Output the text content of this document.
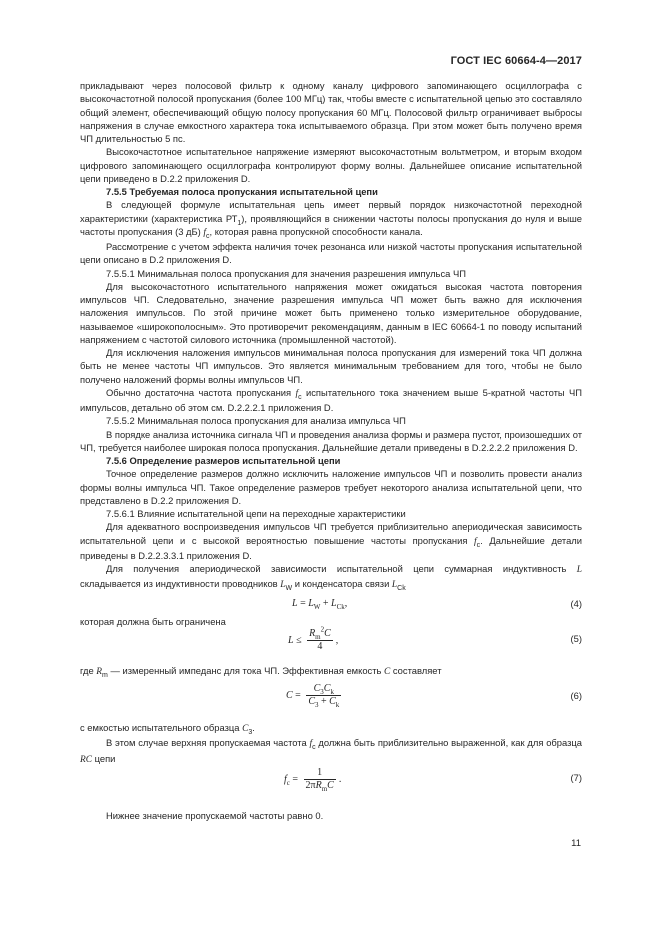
ГОСТ IEC 60664-4—2017

прикладывают через полосовой фильтр к одному каналу цифрового запоминающего осциллографа с высокочастотной полосой пропускания (более 100 МГц) так, чтобы вместе с испытательной цепью это составляло общий элемент, обеспечивающий общую полосу пропускания 60 МГц. Полосовой фильтр ограничивает выбросы напряжения в случае емкостного характера тока испытываемого образца. При этом может быть получено время ЧП длительностью 5 пс.

Высокочастотное испытательное напряжение измеряют высокочастотным вольтметром, и вторым входом цифрового запоминающего осциллографа контролируют форму волны. Дальнейшее описание испытательной цепи приведено в D.2.2 приложения D.

7.5.5 Требуемая полоса пропускания испытательной цепи

В следующей формуле испытательная цепь имеет первый порядок низкочастотной переходной характеристики (характеристика $РТ_1$), проявляющийся в снижении частоты полосы пропускания до нуля и выше частоты пропускания (3 дБ) $f_c$, которая равна пропускной способности канала.

Рассмотрение с учетом эффекта наличия точек резонанса или низкой частоты пропускания испытательной цепи описано в D.2 приложения D.

7.5.5.1 Минимальная полоса пропускания для значения разрешения импульса ЧП

Для высокочастотного испытательного напряжения может ожидаться высокая частота повторения импульсов ЧП. Следовательно, значение разрешения импульса ЧП может быть важно для исключения наложения импульсов. По этой причине может быть применено только измерительное оборудование, называемое «широкополосным». Это противоречит рекомендациям, данным в IEC 60664-1 по поводу испытаний напряжением с частотой силового источника (промышленной частотой).

Для исключения наложения импульсов минимальная полоса пропускания для измерений тока ЧП должна быть не менее частоты ЧП импульсов. Это является минимальным требованием для того, чтобы не было получено наложений формы волны импульсов ЧП.

Обычно достаточна частота пропускания $f_c$ испытательного тока значением выше 5-кратной частоты ЧП импульсов, детально об этом см. D.2.2.2.1 приложения D.

7.5.5.2 Минимальная полоса пропускания для анализа импульса ЧП

В порядке анализа источника сигнала ЧП и проведения анализа формы и размера пустот, произошедших от ЧП, требуется наиболее широкая полоса пропускания. Дальнейшие детали приведены в D.2.2.2.2 приложения D.

7.5.6 Определение размеров испытательной цепи

Точное определение размеров должно исключить наложение импульсов ЧП и позволить провести анализ формы волны импульса ЧП. Такое определение размеров требует некоторого анализа испытательной цепи, что представлено в D.2.2 приложения D.

7.5.6.1 Влияние испытательной цепи на переходные характеристики

Для адекватного воспроизведения импульсов ЧП требуется приблизительно апериодическая зависимость испытательной цепи и с высокой вероятностью повышение частоты пропускания $f_c$. Дальнейшие детали приведены в D.2.2.3.3.1 приложения D.

Для получения апериодической зависимости испытательной цепи суммарная индуктивность L складывается из индуктивности проводников $L_W$ и конденсатора связи $L_{Ck}$

$L = L_W + L_{Ck}$,	(4)

которая должна быть ограничена

$L \le \frac{R_m^2C}{4}$ ,	(5)

где $R_m$ — измеренный импеданс для тока ЧП. Эффективная емкость C составляет

$C = \frac{C_3C_k}{C_3 + C_k}$	(6)

с емкостью испытательного образца $C_3$.

В этом случае верхняя пропускаемая частота $f_c$ должна быть приблизительно выраженной, как для образца RC цепи

$f_c = \frac{1}{2\pi R_mC}$ .	(7)

Нижнее значение пропускаемой частоты равно 0.

11
